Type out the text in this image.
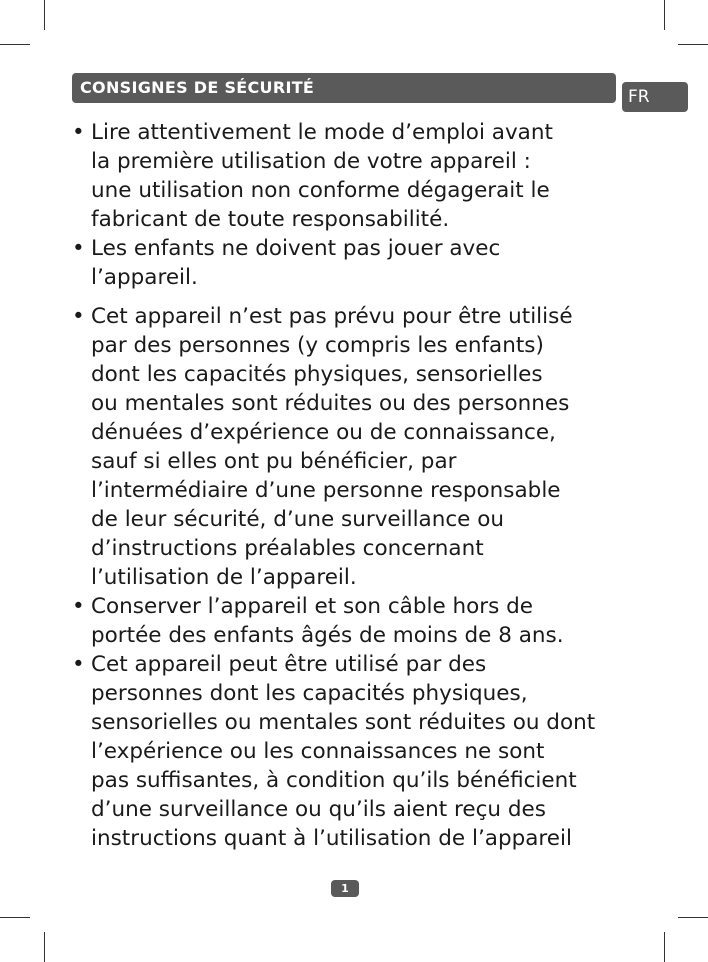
CONSIGNES DE SÉCURITÉ	FR
• Lire attentivement le mode d’emploi avant
la première utilisation de votre appareil :
une utilisation non conforme dégagerait le
fabricant de toute responsabilité.
• Les enfants ne doivent pas jouer avec
l’appareil.
• Cet appareil n’est pas prévu pour être utilisé
par des personnes (y compris les enfants)
dont les capacités physiques, sensorielles
ou mentales sont réduites ou des personnes
dénuées d’expérience ou de connaissance,
sauf si elles ont pu bénéficier, par
l’intermédiaire d’une personne responsable
de leur sécurité, d’une surveillance ou
d’instructions préalables concernant
l’utilisation de l’appareil.
• Conserver l’appareil et son câble hors de
portée des enfants âgés de moins de 8 ans.
• Cet appareil peut être utilisé par des
personnes dont les capacités physiques,
sensorielles ou mentales sont réduites ou dont
l’expérience ou les connaissances ne sont
pas suffisantes, à condition qu’ils bénéficient
d’une surveillance ou qu’ils aient reçu des
instructions quant à l’utilisation de l’appareil
1
